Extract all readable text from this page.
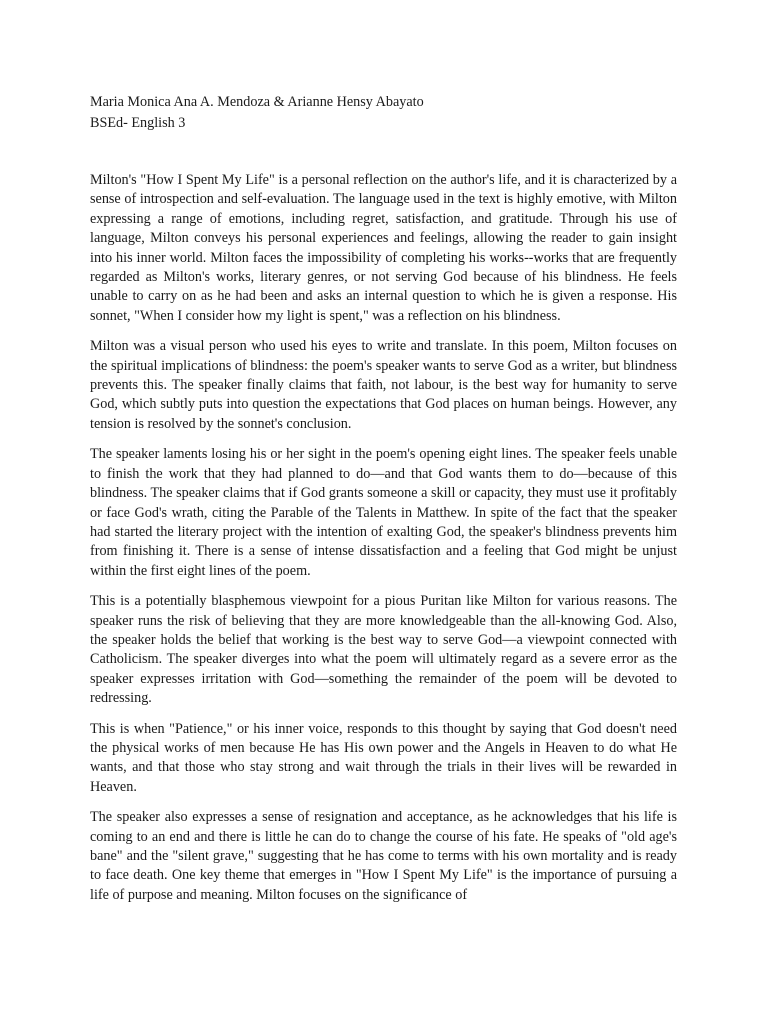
Maria Monica Ana A. Mendoza & Arianne Hensy Abayato

BSEd- English 3

Milton's "How I Spent My Life" is a personal reflection on the author's life, and it is characterized by a sense of introspection and self-evaluation. The language used in the text is highly emotive, with Milton expressing a range of emotions, including regret, satisfaction, and gratitude. Through his use of language, Milton conveys his personal experiences and feelings, allowing the reader to gain insight into his inner world. Milton faces the impossibility of completing his works--works that are frequently regarded as Milton's works, literary genres, or not serving God because of his blindness. He feels unable to carry on as he had been and asks an internal question to which he is given a response. His sonnet, "When I consider how my light is spent," was a reflection on his blindness.

Milton was a visual person who used his eyes to write and translate. In this poem, Milton focuses on the spiritual implications of blindness: the poem's speaker wants to serve God as a writer, but blindness prevents this. The speaker finally claims that faith, not labour, is the best way for humanity to serve God, which subtly puts into question the expectations that God places on human beings. However, any tension is resolved by the sonnet's conclusion.

The speaker laments losing his or her sight in the poem's opening eight lines. The speaker feels unable to finish the work that they had planned to do—and that God wants them to do—because of this blindness. The speaker claims that if God grants someone a skill or capacity, they must use it profitably or face God's wrath, citing the Parable of the Talents in Matthew. In spite of the fact that the speaker had started the literary project with the intention of exalting God, the speaker's blindness prevents him from finishing it. There is a sense of intense dissatisfaction and a feeling that God might be unjust within the first eight lines of the poem.

This is a potentially blasphemous viewpoint for a pious Puritan like Milton for various reasons. The speaker runs the risk of believing that they are more knowledgeable than the all-knowing God. Also, the speaker holds the belief that working is the best way to serve God—a viewpoint connected with Catholicism. The speaker diverges into what the poem will ultimately regard as a severe error as the speaker expresses irritation with God—something the remainder of the poem will be devoted to redressing.

This is when "Patience," or his inner voice, responds to this thought by saying that God doesn't need the physical works of men because He has His own power and the Angels in Heaven to do what He wants, and that those who stay strong and wait through the trials in their lives will be rewarded in Heaven.

The speaker also expresses a sense of resignation and acceptance, as he acknowledges that his life is coming to an end and there is little he can do to change the course of his fate. He speaks of "old age's bane" and the "silent grave," suggesting that he has come to terms with his own mortality and is ready to face death. One key theme that emerges in "How I Spent My Life" is the importance of pursuing a life of purpose and meaning. Milton focuses on the significance of
